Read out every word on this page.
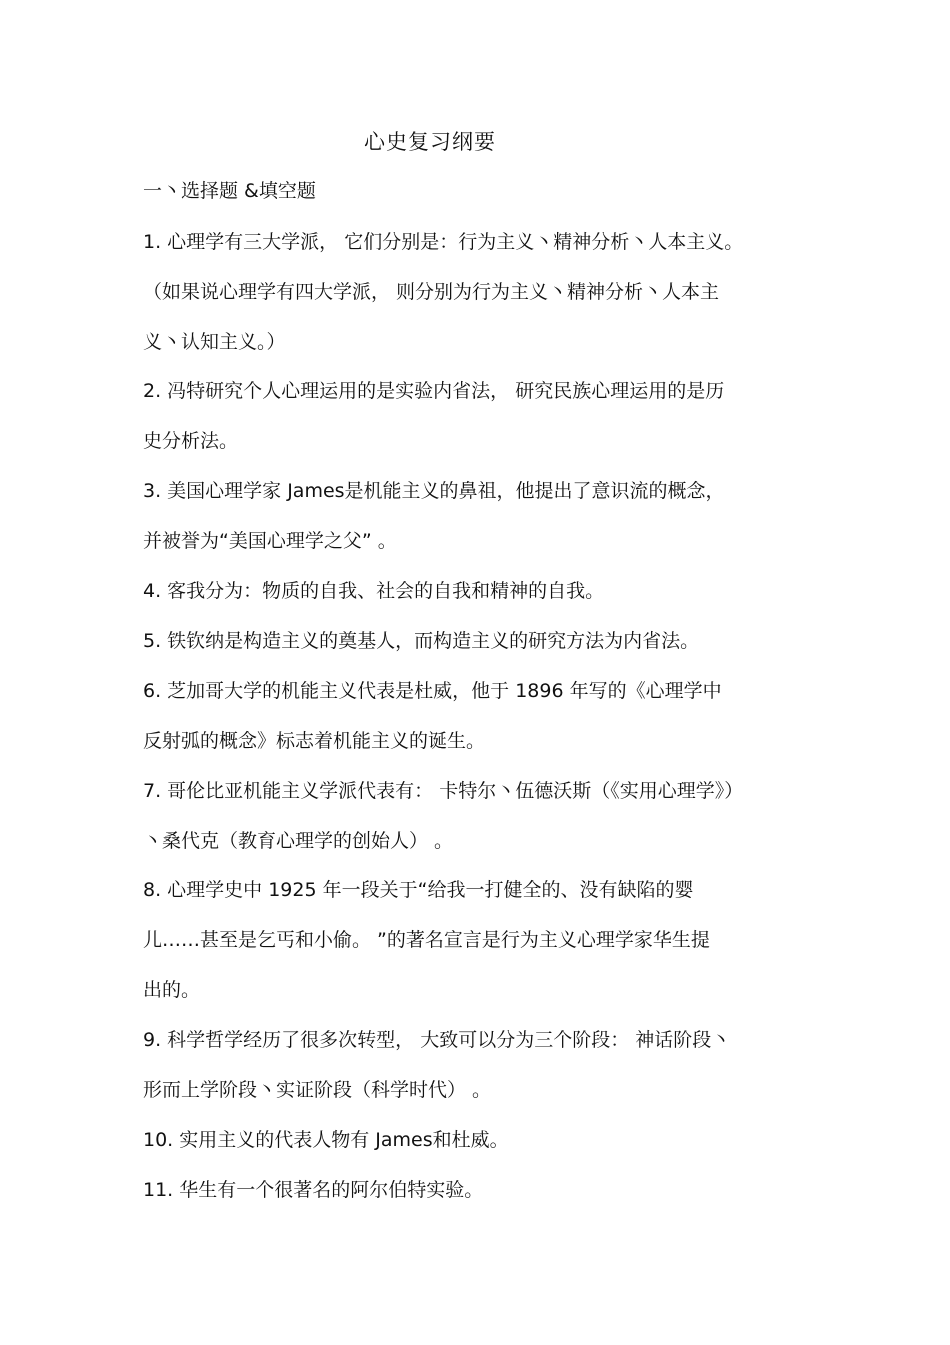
心史复习纲要
一丶选择题 &填空题
1. 心理学有三大学派， 它们分别是：行为主义丶精神分析丶人本主义。
（如果说心理学有四大学派， 则分别为行为主义丶精神分析丶人本主
义丶认知主义。）
2. 冯特研究个人心理运用的是实验内省法， 研究民族心理运用的是历
史分析法。
3. 美国心理学家 James是机能主义的鼻祖，他提出了意识流的概念，
并被誉为“美国心理学之父” 。
4. 客我分为：物质的自我、社会的自我和精神的自我。
5. 铁钦纳是构造主义的奠基人，而构造主义的研究方法为内省法。
6. 芝加哥大学的机能主义代表是杜威，他于 1896 年写的《心理学中
反射弧的概念》标志着机能主义的诞生。
7. 哥伦比亚机能主义学派代表有： 卡特尔丶伍德沃斯（《实用心理学》）
丶桑代克（教育心理学的创始人） 。
8. 心理学史中 1925 年一段关于“给我一打健全的、没有缺陷的婴
儿……甚至是乞丐和小偷。 ”的著名宣言是行为主义心理学家华生提
出的。
9. 科学哲学经历了很多次转型， 大致可以分为三个阶段： 神话阶段丶
形而上学阶段丶实证阶段（科学时代） 。
10. 实用主义的代表人物有 James和杜威。
11. 华生有一个很著名的阿尔伯特实验。
